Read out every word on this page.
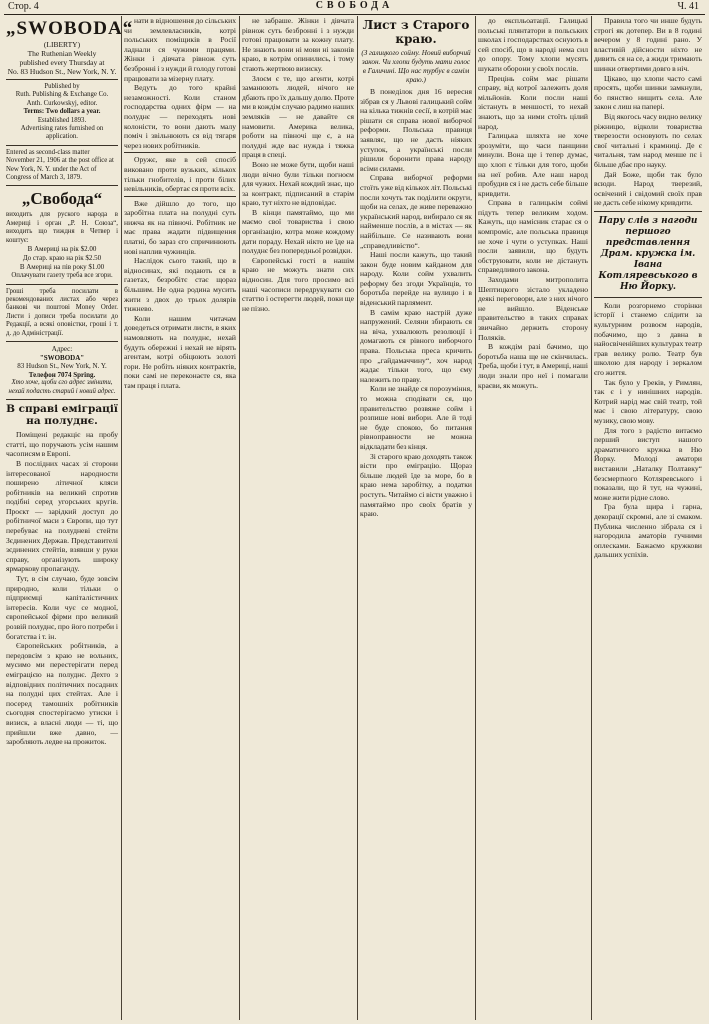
Стор. 4	СВОБОДА	Ч. 41
„SWOBODA“
(LIBERTY)
The Ruthenian Weekly
published every Thursday at
No. 83 Hudson St., New York, N. Y.
Published by
Ruth. Publishing & Exchange Co.
Anth. Curkowskyj, editor.
Terms: Two dollars a year.
Established 1893.
Advertising rates furnished on application.
Entered as second-class matter November 21, 1906 at the post office at New York, N. Y. under the Act of Congress of March 3, 1879.
„Свобода“
виходить для руского народа в Америці і орган „Р. Н. Союза“, виходить що тиждня в Четвер і коштує:
В Америці на рік $2.00
До стар. краю на рік $2.50
В Америці на пів року $1.00
Оплачувати газету треба все згори.
Гроші треба посилати в рекомендованих листах або через банкові чи поштові Money Order. Листи і дописи треба посилати до Редакції, а всякі оповістки, гроші і т. д. до Адміністрації.
Адрес:
"SWOBODA"
83 Hudson St., New York, N. Y.
Телефон 7074 Spring.
Хто хоче, щоби єго адрес змінити, нехай подасть старий і новий адрес.
В справі еміграції на полуднє.

Поміщені редакціє на пробу статті, що поручають усім нашим часописям в Европі.

В послідних часах зі сторони інтересованої народности поширено літичної кляси робітників на великий спротив подібні серед угорських кругів. Проєкт — зарідкий доступ до робітничої маси з Європи, що тут перебуває на полудневі стейти Зєдинених Держав. Представителі зєдинених стейтів, взявши у руки справу, організують широку ярмаркову пропаганду.

Тут, в сім случаю, буде зовсім природно, коли тільки о підприємці капіталістичних інтересів. Коли чує се модної, європейської фірми про великий розвій полуднє, про його потреби і богатства і т. ін.

Європейських робітників, а передовсім з краю не вольних, мусимо ми перестерігати перед еміграцією на полуднє. Дехто з відповідних політичних посадних на полудні цих стейтах. Але і посеред тамошніх робітників сьогодня спостерігаємо утиски і визиск, а власні люди — ті, що прийшли вже давно, — заробляють ледве на прожиток.

нати в відношення до сільських чи землевласників, котрі польських поміщиків в Росії ладнали ся чужими працями. Жінки і дівчата рівнож суть безбронні і з нужди й голоду готові працювати за мізерну плату.

Ведуть до того крайні незаможності. Коли станом господарства одних фірм — на полуднє — переходять нові колоністи, то вони дають малу поміч і звільнюють ся від тягаря через нових робітників.

Оружє, яке в сей спосіб виковано проти вузьких, кількох тільки гнобителів, і проти білих невільників, обертає ся проти всіх.

Вже дійшло до того, що заробітна плата на полудні суть нижча як на півночі. Робітник не має права жадати підвищення платні, бо зараз єго спричинюють нові наплив чужинців.

Наслідок сього такий, що в відносинах, які подають ся в газетах, безробітє стає щораз більшим. Не одна родина мусить жити з двох до трьох долярів тижнево.

Коли нашим читачам доведеться отримати листи, в яких намовляють на полуднє, нехай будуть обережні і нехай не вірять агентам, котрі обіцюють золоті гори. Не робіть ніяких контрактів, поки самі не переконаєте ся, яка там праця і плата.

не забраше. Жінки і дівчата рівнож суть безбронні і з нужди готові працювати за кожну плату. Не знають вони ні мови ні законів краю, в котрім опинились, і тому стають жертвою визиску.

Злоєм є те, що агенти, котрі заманюють людей, нічого не дбають про їх дальшу долю. Проте ми в кождім случаю радимо наших земляків — не давайте ся намовити. Америка велика, роботи на півночі ще є, а на полудні жде вас нужда і тяжка праця в спеці.

Воно не може бути, щоби наші люди вічно були тільки погноєм для чужих. Нехай кождий знає, що за контракт, підписаний в старім краю, тут ніхто не відповідає.

В кінци памятаймо, що ми маємо свої товариства і свою організацію, котра може кождому дати пораду. Нехай нікто не їде на полуднє без попередньої розвідки.

Європейські гості в нашім краю не можуть знати сих відносин. Для того просимо всі наші часописи передрукувати сю статтю і остерегти людей, поки ще не пізно.

Лист з Старого краю.
(З галицкого сойму. Новий виборчий закон. Чи хлопи будуть мати голос в Галичині. Що нас турбує в самім краю.)

В понеділок дня 16 вересня зібрав ся у Львові галицький сойм на кілька тижнів сесії, в котрій має рішати ся справа нової виборчої реформи. Польська правиця заявляє, що не дасть ніяких уступок, а українські посли рішили боронити права народу всіми силами.

Справа виборчої реформи стоїть уже від кількох літ. Польські посли хочуть так поділити округи, щоби на селах, де живе переважно український народ, вибирало ся як найменше послів, а в містах — як найбільше. Се називають вони „справедливістю“.

Наші посли кажуть, що такий закон буде новим кайданом для народу. Коли сойм ухвалить реформу без згоди Українців, то боротьба перейде на вулицю і в віденський парлямент.

В самім краю настрій дуже напружений. Селяни збирають ся на віча, ухвалюють резолюції і домагають ся рівного виборчого права. Польська преса кричить про „гайдамаччину“, хоч народ жадає тільки того, що єму належить по праву.

Коли не знайде ся порозуміння, то можна сподівати ся, що правительство розвяже сойм і розпише нові вибори. Але й тоді не буде спокою, бо питання рівноправности не можна відкладати без кінця.

Зі старого краю доходять також вісти про еміграцію. Щораз більше людей їде за море, бо в краю нема заробітку, а податки ростуть. Читаймо сі вісти уважно і памятаймо про своїх братів у краю.

до експльоатації. Галицькі польські плянтатори в польських школах і господарствах оснують в сей спосіб, що в народі нема сил до опору. Тому хлопи мусять шукати оборони у своїх послів.

Прецінь сойм має рішати справу, від котрої залежить доля мільйонів. Коли посли наші зістануть в меншості, то нехай знають, що за ними стоїть цілий народ.

Галицька шляхта не хоче зрозуміти, що часи панщини минули. Вона ще і тепер думає, що хлоп є тільки для того, щоби на неї робив. Але наш народ пробудив ся і не дасть себе більше кривдити.

Справа в галицькім соймі підуть тепер великим ходом. Кажуть, що намісник старає ся о компроміс, але польська правиця не хоче і чути о уступках. Наші посли заявили, що будуть обструювати, коли не дістануть справедливого закона.

Заходами митрополита Шептицкого зістало укладено деякі переговори, але з них нічого не вийшло. Віденське правительство в таких справах звичайно держить сторону Поляків.

В кождім разі бачимо, що боротьба наша ще не скінчилась. Треба, щоби і тут, в Америці, наші люди знали про неї і помагали краєви, як можуть.

Правила того чи инше будуть строгі як дотепер. Ви в 8 годині вечером у 8 годині рано. У властивій дійсности ніхто не дивить ся на се, а жиди тримають шинки отвертими довго в ніч.

Цікаво, що хлопи часто самі просять, щоби шинки замкнули, бо пянство нищить села. Але закон є лиш на папері.

Від якогось часу видно велику ріжницю, відколи товариства тверезости основують по селах свої читальні і крамниці. Де є читальня, там народ менше пє і більше дбає про науку.

Дай Боже, щоби так було всюди. Народ тверезий, освічений і свідомий своїх прав не дасть себе нікому кривдити.

Пару слів з нагоди першого представлення Драм. кружка ім. Івана Котляревського в Ню Йорку.

Коли розгорнемо сторінки історії і станемо слідити за культурним розвоєм народів, побачимо, що з давна в найосвіченійших культурах театр грав велику ролю. Театр був школою для народу і зеркалом єго життя.

Так було у Греків, у Римлян, так є і у нинішних народів. Котрий нарід має свій театр, той має і свою літературу, свою музику, свою мову.

Для того з радістю витаємо перший виступ нашого драматичного кружка в Ню Йорку. Молоді аматори виставили „Наталку Полтавку“ безсмертного Котляревського і показали, що й тут, на чужині, може жити рідне слово.

Гра була щира і гарна, декорації скромні, але зі смаком. Публика численно зібрала ся і нагородила аматорів гучними оплесками. Бажаємо кружкови дальших успіхів.
